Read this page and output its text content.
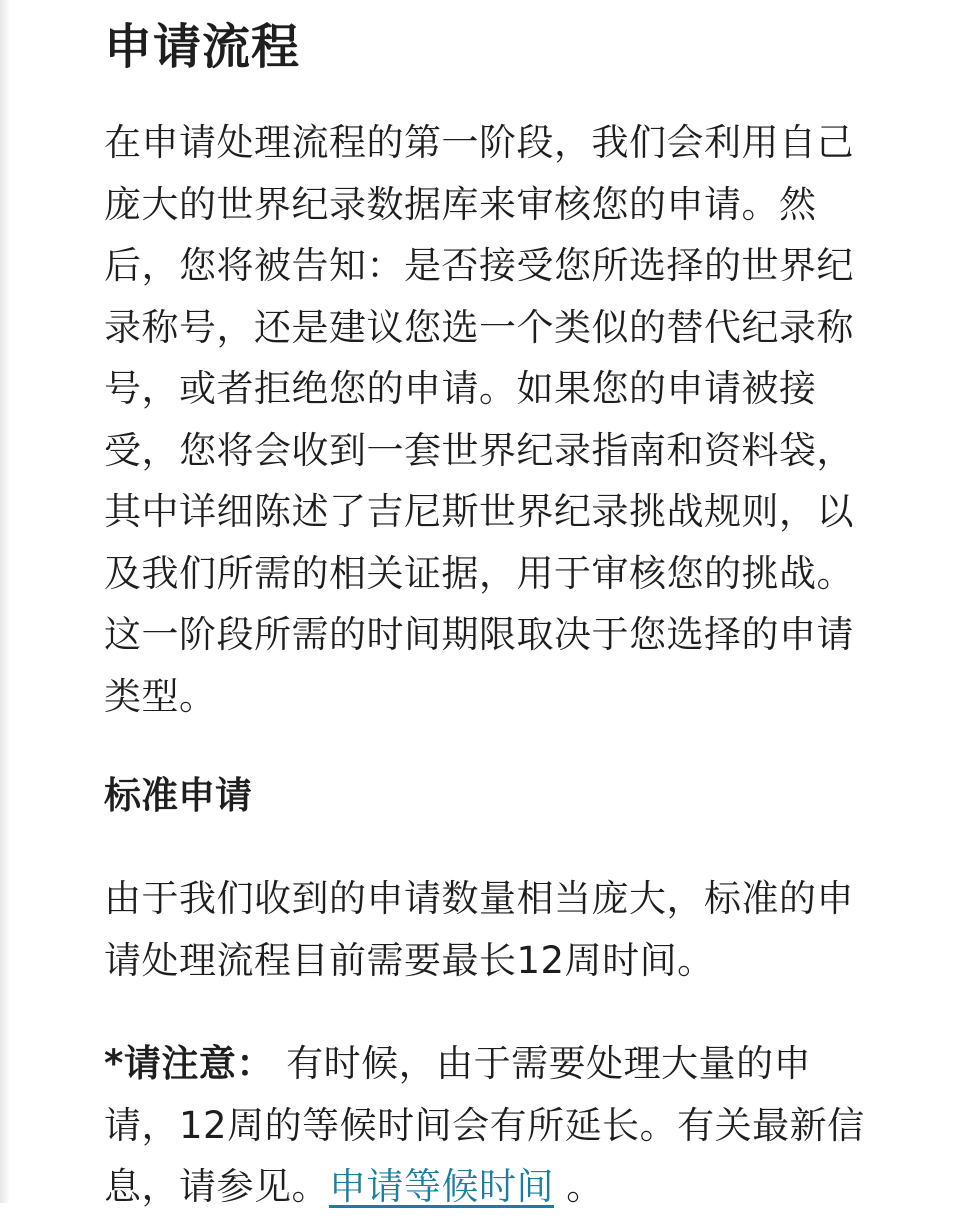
申请流程

在申请处理流程的第一阶段，我们会利用自己庞大的世界纪录数据库来审核您的申请。然后，您将被告知：是否接受您所选择的世界纪录称号，还是建议您选一个类似的替代纪录称号，或者拒绝您的申请。如果您的申请被接受，您将会收到一套世界纪录指南和资料袋，其中详细陈述了吉尼斯世界纪录挑战规则，以及我们所需的相关证据，用于审核您的挑战。这一阶段所需的时间期限取决于您选择的申请类型。

标准申请

由于我们收到的申请数量相当庞大，标准的申请处理流程目前需要最长12周时间。

*请注意： 有时候，由于需要处理大量的申请，12周的等候时间会有所延长。有关最新信息，请参见。申请等候时间 。
